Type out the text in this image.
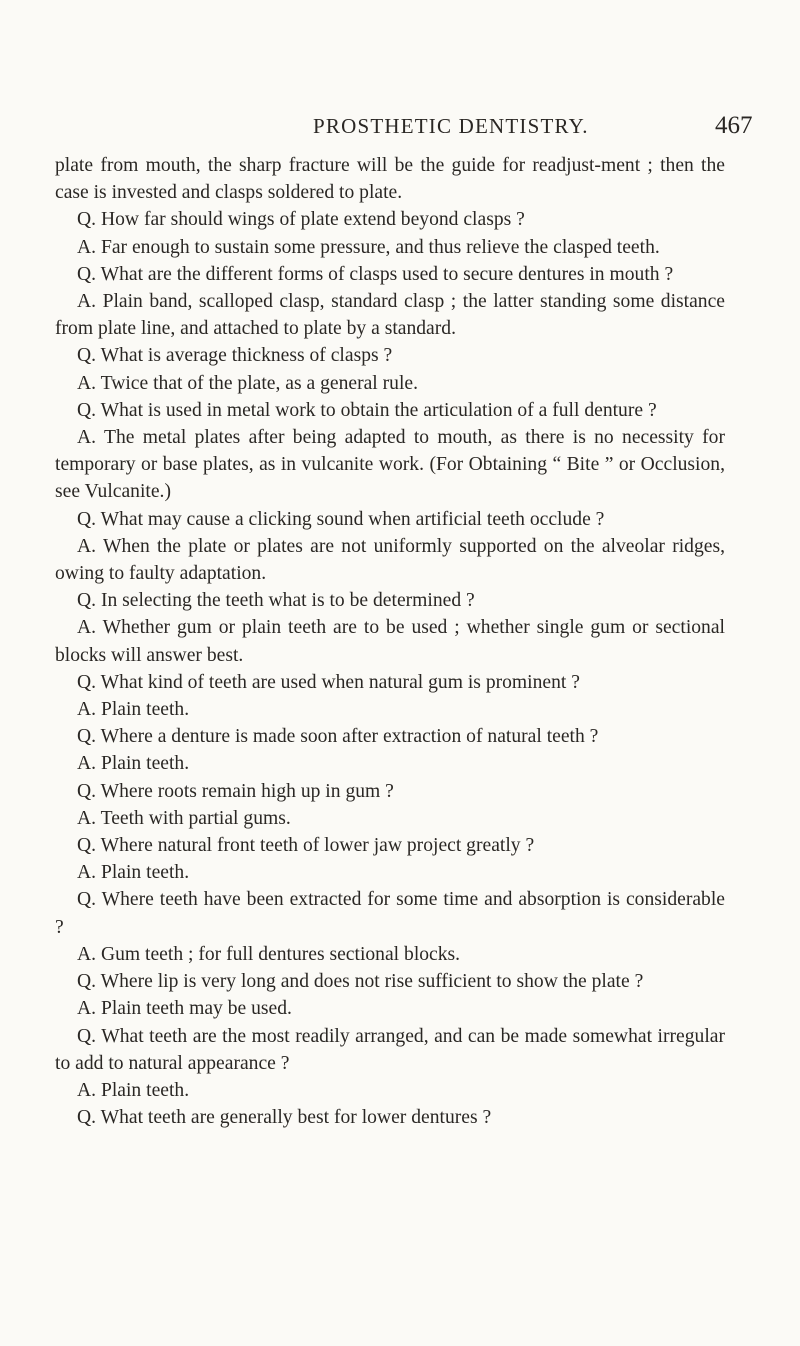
PROSTHETIC DENTISTRY.	467

plate from mouth, the sharp fracture will be the guide for readjust-ment ; then the case is invested and clasps soldered to plate.

Q. How far should wings of plate extend beyond clasps ?

A. Far enough to sustain some pressure, and thus relieve the clasped teeth.

Q. What are the different forms of clasps used to secure dentures in mouth ?

A. Plain band, scalloped clasp, standard clasp ; the latter standing some distance from plate line, and attached to plate by a standard.

Q. What is average thickness of clasps ?

A. Twice that of the plate, as a general rule.

Q. What is used in metal work to obtain the articulation of a full denture ?

A. The metal plates after being adapted to mouth, as there is no necessity for temporary or base plates, as in vulcanite work. (For Obtaining “ Bite ” or Occlusion, see Vulcanite.)

Q. What may cause a clicking sound when artificial teeth occlude ?

A. When the plate or plates are not uniformly supported on the alveolar ridges, owing to faulty adaptation.

Q. In selecting the teeth what is to be determined ?

A. Whether gum or plain teeth are to be used ; whether single gum or sectional blocks will answer best.

Q. What kind of teeth are used when natural gum is prominent ?

A. Plain teeth.

Q. Where a denture is made soon after extraction of natural teeth ?

A. Plain teeth.

Q. Where roots remain high up in gum ?

A. Teeth with partial gums.

Q. Where natural front teeth of lower jaw project greatly ?

A. Plain teeth.

Q. Where teeth have been extracted for some time and absorption is considerable ?

A. Gum teeth ; for full dentures sectional blocks.

Q. Where lip is very long and does not rise sufficient to show the plate ?

A. Plain teeth may be used.

Q. What teeth are the most readily arranged, and can be made somewhat irregular to add to natural appearance ?

A. Plain teeth.

Q. What teeth are generally best for lower dentures ?
